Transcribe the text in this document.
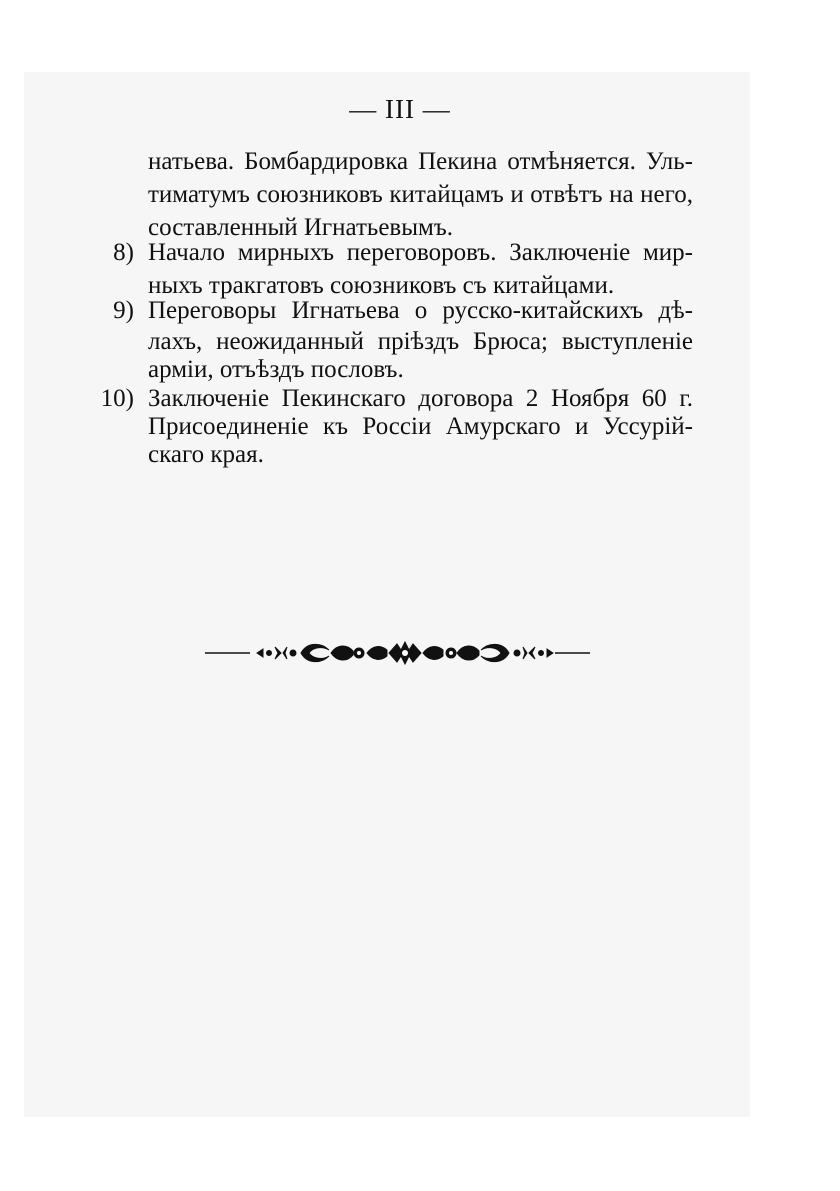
— III —
натьева. Бомбардировка Пекина отмѣняется. Уль-
тиматумъ союзниковъ китайцамъ и отвѣтъ на него,
составленный Игнатьевымъ.
8) Начало мирныхъ переговоровъ. Заключеніе мир-
ныхъ тракгатовъ союзниковъ съ китайцами.
9) Переговоры Игнатьева о русско-китайскихъ дѣ-
лахъ, неожиданный пріѣздъ Брюса; выступленіе
арміи, отъѣздъ пословъ.
10) Заключеніе Пекинскаго договора 2 Ноября 60 г.
Присоединеніе къ Россіи Амурскаго и Уссурій-
скаго края.
